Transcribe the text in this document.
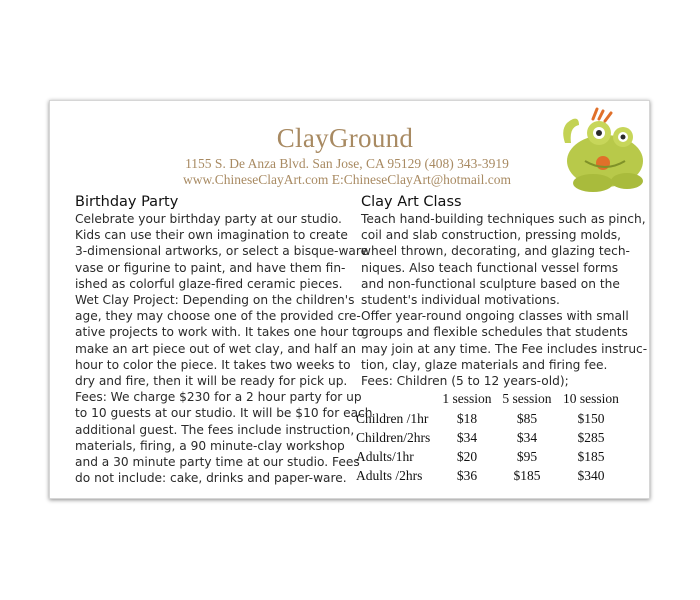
ClayGround
1155 S. De Anza Blvd. San Jose, CA 95129 (408) 343-3919
www.ChineseClayArt.com E:ChineseClayArt@hotmail.com
Birthday Party
Celebrate your birthday party at our studio.
Kids can use their own imagination to create
3-dimensional artworks, or select a bisque-ware
vase or figurine to paint, and have them fin-
ished as colorful glaze-fired ceramic pieces.
Wet Clay Project: Depending on the children's
age, they may choose one of the provided cre-
ative projects to work with. It takes one hour to
make an art piece out of wet clay, and half an
hour to color the piece. It takes two weeks to
dry and fire, then it will be ready for pick up.
Fees: We charge $230 for a 2 hour party for up
to 10 guests at our studio. It will be $10 for each
additional guest. The fees include instruction,
materials, firing, a 90 minute-clay workshop
and a 30 minute party time at our studio. Fees
do not include: cake, drinks and paper-ware.
Clay Art Class
Teach hand-building techniques such as pinch,
coil and slab construction, pressing molds,
wheel thrown, decorating, and glazing tech-
niques. Also teach functional vessel forms
and non-functional sculpture based on the
student's individual motivations.
Offer year-round ongoing classes with small
groups and flexible schedules that students
may join at any time. The Fee includes instruc-
tion, clay, glaze materials and firing fee.
Fees: Children (5 to 12 years-old);
	1 session	5 session	10 session
Children /1hr	$18	$85	$150
Children/2hrs	$34	$34	$285
Adults/1hr	$20	$95	$185
Adults /2hrs	$36	$185	$340
